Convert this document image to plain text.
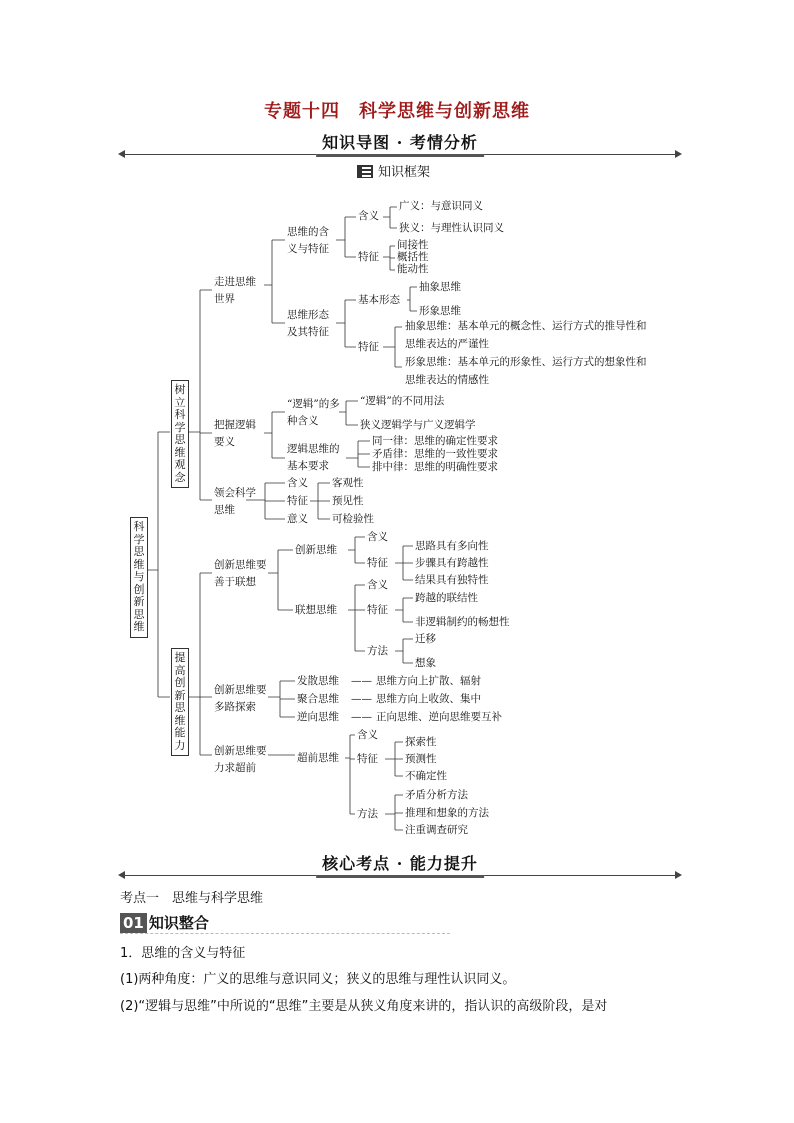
专题十四　科学思维与创新思维
知识导图 · 考情分析
知识框架
科学思维与创新思维
树立科学思维观念
提高创新思维能力
走进思维世界
思维的含义与特征
含义
广义：与意识同义
狭义：与理性认识同义
特征
间接性
概括性
能动性
思维形态及其特征
基本形态
抽象思维
形象思维
特征
抽象思维：基本单元的概念性、运行方式的推导性和
思维表达的严谨性
形象思维：基本单元的形象性、运行方式的想象性和
思维表达的情感性
把握逻辑要义
“逻辑”的多种含义
“逻辑”的不同用法
狭义逻辑学与广义逻辑学
逻辑思维的基本要求
同一律：思维的确定性要求
矛盾律：思维的一致性要求
排中律：思维的明确性要求
领会科学思维
含义
特征
意义
客观性
预见性
可检验性
创新思维要善于联想
创新思维
含义
特征
思路具有多向性
步骤具有跨越性
结果具有独特性
联想思维
含义
特征
跨越的联结性
非逻辑制约的畅想性
方法
迁移
想象
创新思维要多路探索
发散思维 —— 思维方向上扩散、辐射
聚合思维 —— 思维方向上收敛、集中
逆向思维 —— 正向思维、逆向思维要互补
创新思维要力求超前
超前思维
含义
特征
探索性
预测性
不确定性
方法
矛盾分析方法
推理和想象的方法
注重调查研究
核心考点 · 能力提升
考点一　思维与科学思维
01 知识整合
1．思维的含义与特征
(1)两种角度：广义的思维与意识同义；狭义的思维与理性认识同义。
(2)“逻辑与思维”中所说的“思维”主要是从狭义角度来讲的，指认识的高级阶段，是对
